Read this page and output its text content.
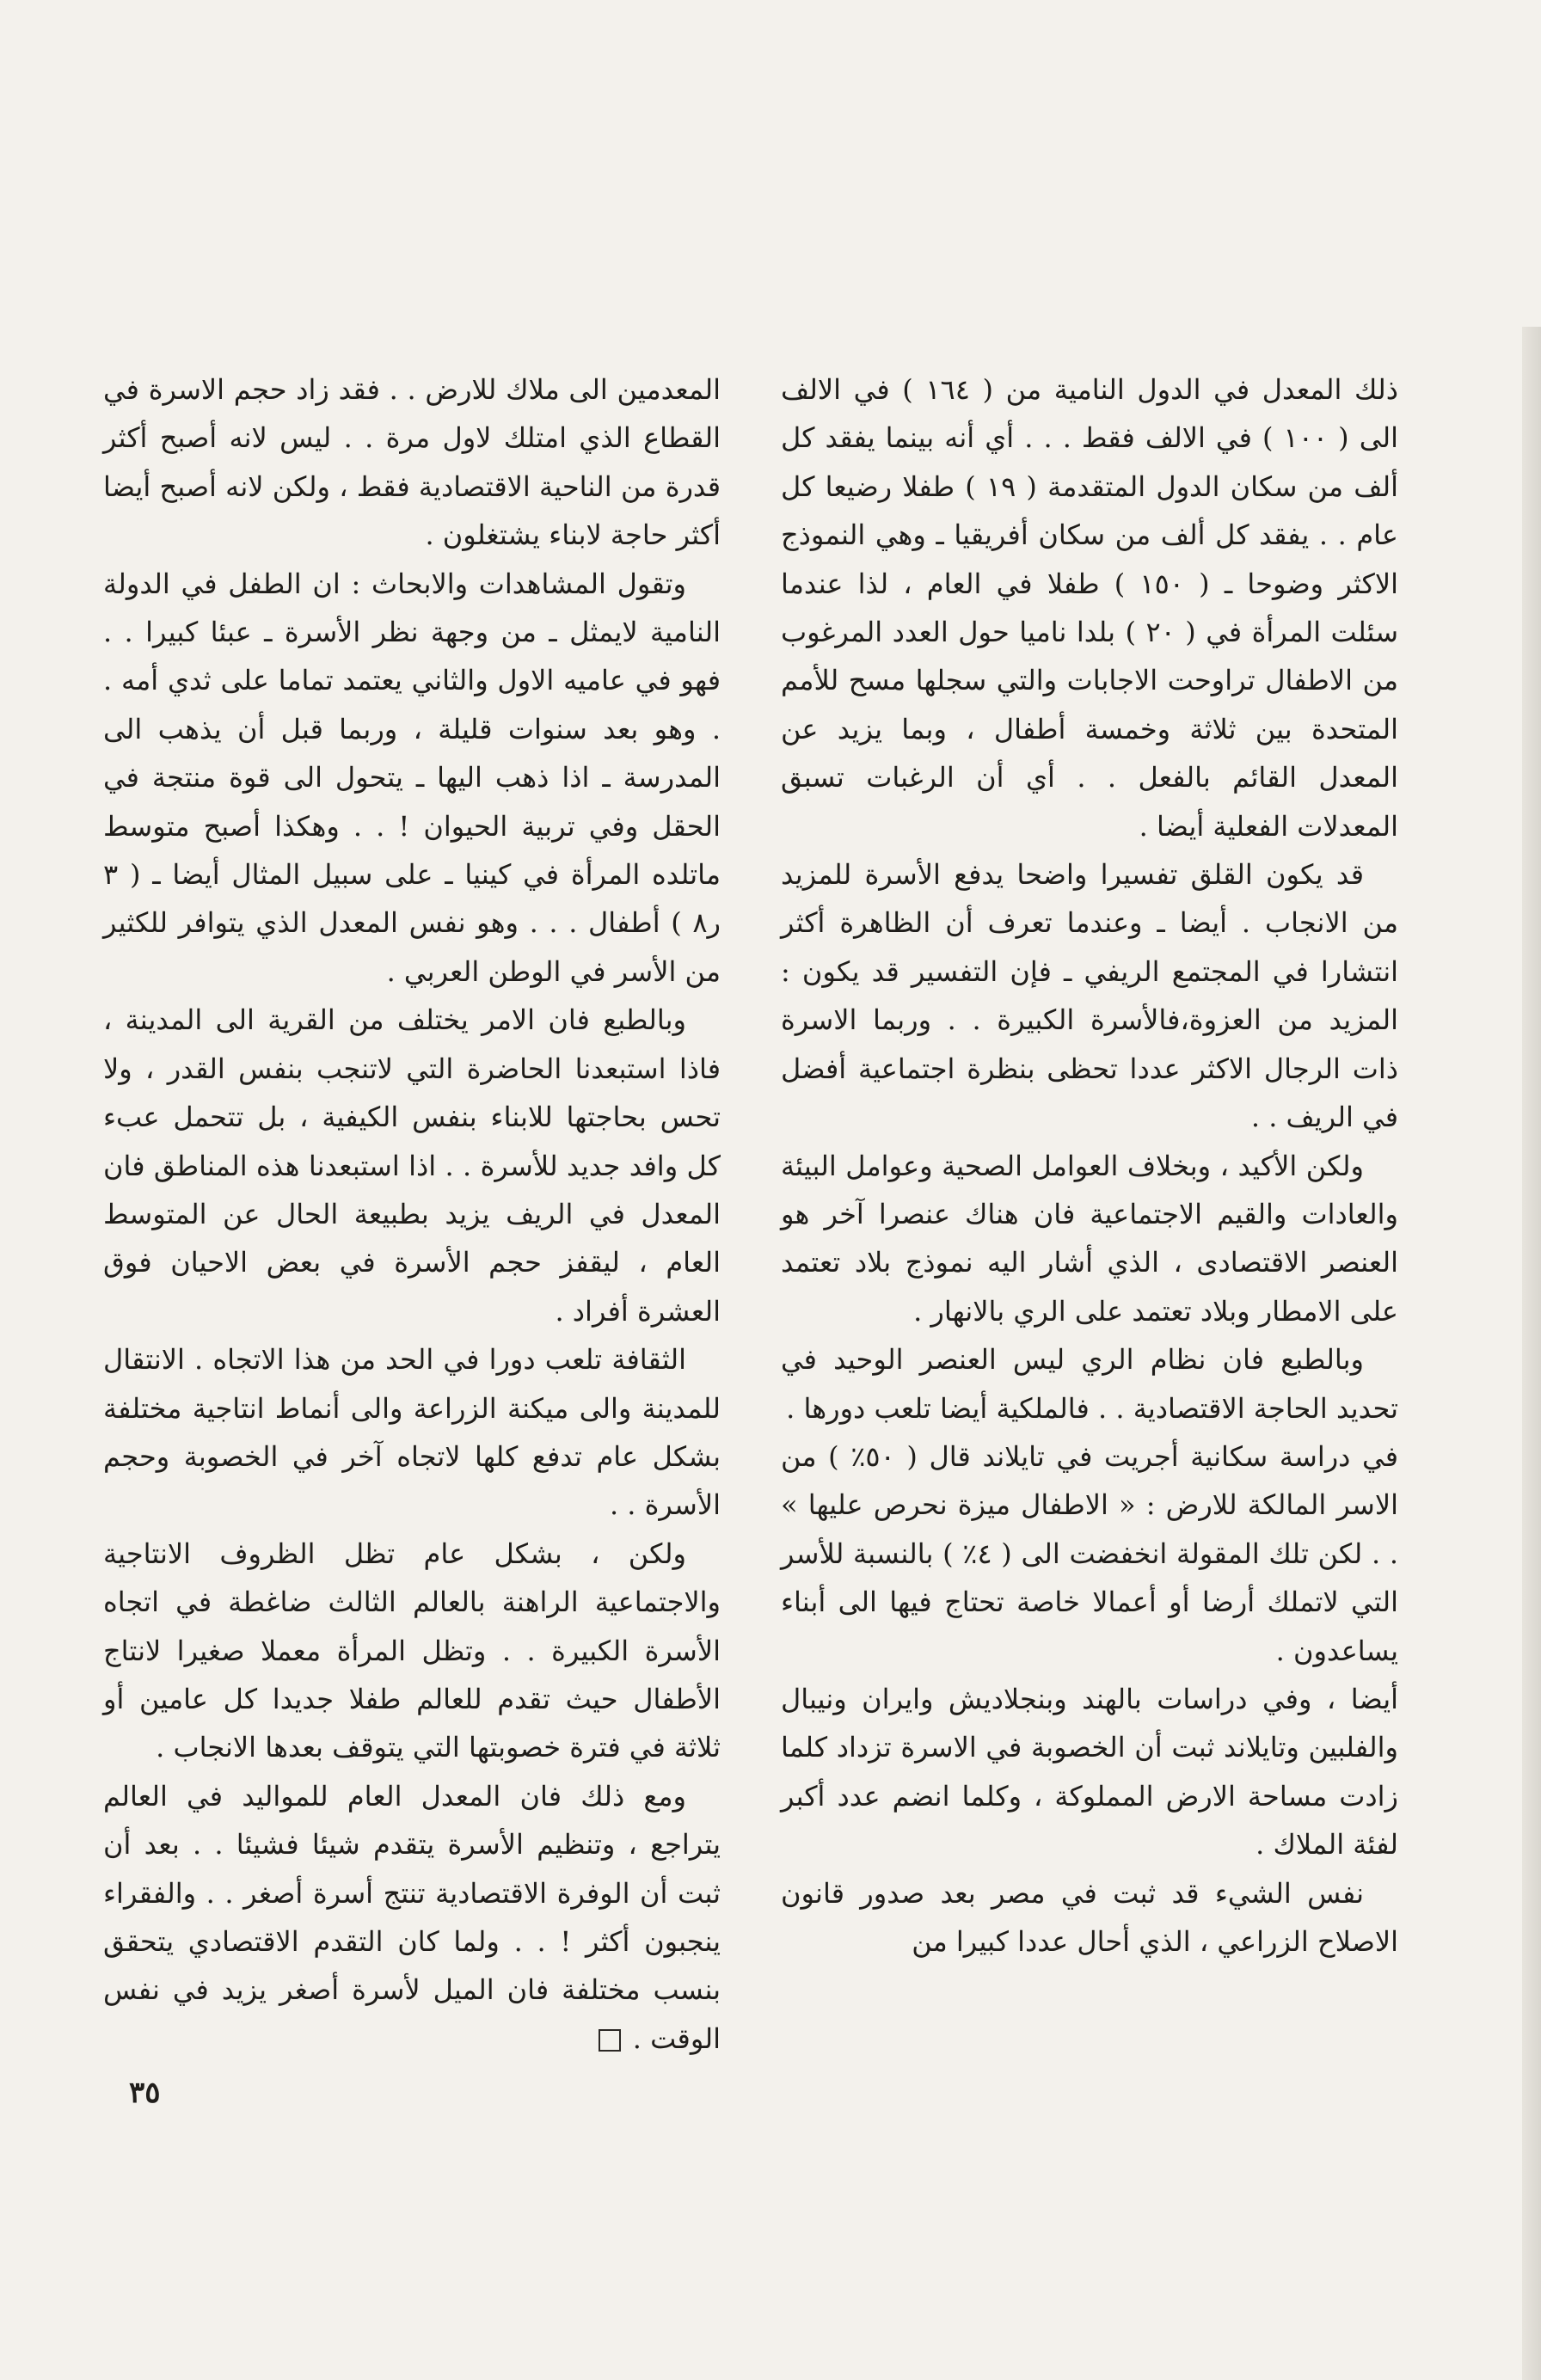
ذلك المعدل في الدول النامية من ( ١٦٤ ) في الالف الى ( ١٠٠ ) في الالف فقط . . . أي أنه بينما يفقد كل ألف من سكان الدول المتقدمة ( ١٩ ) طفلا رضيعا كل عام . . يفقد كل ألف من سكان أفريقيا ـ وهي النموذج الاكثر وضوحا ـ ( ١٥٠ ) طفلا في العام ، لذا عندما سئلت المرأة في ( ٢٠ ) بلدا ناميا حول العدد المرغوب من الاطفال تراوحت الاجابات والتي سجلها مسح للأمم المتحدة بين ثلاثة وخمسة أطفال ، وبما يزيد عن المعدل القائم بالفعل . . أي أن الرغبات تسبق المعدلات الفعلية أيضا .

قد يكون القلق تفسيرا واضحا يدفع الأسرة للمزيد من الانجاب . أيضا ـ وعندما تعرف أن الظاهرة أكثر انتشارا في المجتمع الريفي ـ فإن التفسير قد يكون : المزيد من العزوة،فالأسرة الكبيرة . . وربما الاسرة ذات الرجال الاكثر عددا تحظى بنظرة اجتماعية أفضل في الريف . .

ولكن الأكيد ، وبخلاف العوامل الصحية وعوامل البيئة والعادات والقيم الاجتماعية فان هناك عنصرا آخر هو العنصر الاقتصادى ، الذي أشار اليه نموذج بلاد تعتمد على الامطار وبلاد تعتمد على الري بالانهار .

وبالطبع فان نظام الري ليس العنصر الوحيد في تحديد الحاجة الاقتصادية . . فالملكية أيضا تلعب دورها .

في دراسة سكانية أجريت في تايلاند قال ( ٥٠٪ ) من الاسر المالكة للارض : « الاطفال ميزة نحرص عليها » . . لكن تلك المقولة انخفضت الى ( ٤٪ ) بالنسبة للأسر التي لاتملك أرضا أو أعمالا خاصة تحتاج فيها الى أبناء يساعدون .

أيضا ، وفي دراسات بالهند وبنجلاديش وايران ونيبال والفلبين وتايلاند ثبت أن الخصوبة في الاسرة تزداد كلما زادت مساحة الارض المملوكة ، وكلما انضم عدد أكبر لفئة الملاك .

نفس الشيء قد ثبت في مصر بعد صدور قانون الاصلاح الزراعي ، الذي أحال عددا كبيرا من

المعدمين الى ملاك للارض . . فقد زاد حجم الاسرة في القطاع الذي امتلك لاول مرة . . ليس لانه أصبح أكثر قدرة من الناحية الاقتصادية فقط ، ولكن لانه أصبح أيضا أكثر حاجة لابناء يشتغلون .

وتقول المشاهدات والابحاث : ان الطفل في الدولة النامية لايمثل ـ من وجهة نظر الأسرة ـ عبئا كبيرا . . فهو في عاميه الاول والثاني يعتمد تماما على ثدي أمه . . وهو بعد سنوات قليلة ، وربما قبل أن يذهب الى المدرسة ـ اذا ذهب اليها ـ يتحول الى قوة منتجة في الحقل وفي تربية الحيوان ! . . وهكذا أصبح متوسط ماتلده المرأة في كينيا ـ على سبيل المثال أيضا ـ ( ٣ ر٨ ) أطفال . . . وهو نفس المعدل الذي يتوافر للكثير من الأسر في الوطن العربي .

وبالطبع فان الامر يختلف من القرية الى المدينة ، فاذا استبعدنا الحاضرة التي لاتنجب بنفس القدر ، ولا تحس بحاجتها للابناء بنفس الكيفية ، بل تتحمل عبء كل وافد جديد للأسرة . . اذا استبعدنا هذه المناطق فان المعدل في الريف يزيد بطبيعة الحال عن المتوسط العام ، ليقفز حجم الأسرة في بعض الاحيان فوق العشرة أفراد .

الثقافة تلعب دورا في الحد من هذا الاتجاه . الانتقال للمدينة والى ميكنة الزراعة والى أنماط انتاجية مختلفة بشكل عام تدفع كلها لاتجاه آخر في الخصوبة وحجم الأسرة . .

ولكن ، بشكل عام تظل الظروف الانتاجية والاجتماعية الراهنة بالعالم الثالث ضاغطة في اتجاه الأسرة الكبيرة . . وتظل المرأة معملا صغيرا لانتاج الأطفال حيث تقدم للعالم طفلا جديدا كل عامين أو ثلاثة في فترة خصوبتها التي يتوقف بعدها الانجاب .

ومع ذلك فان المعدل العام للمواليد في العالم يتراجع ، وتنظيم الأسرة يتقدم شيئا فشيئا . . بعد أن ثبت أن الوفرة الاقتصادية تنتج أسرة أصغر . . والفقراء ينجبون أكثر ! . . ولما كان التقدم الاقتصادي يتحقق بنسب مختلفة فان الميل لأسرة أصغر يزيد في نفس الوقت .

٣٥
